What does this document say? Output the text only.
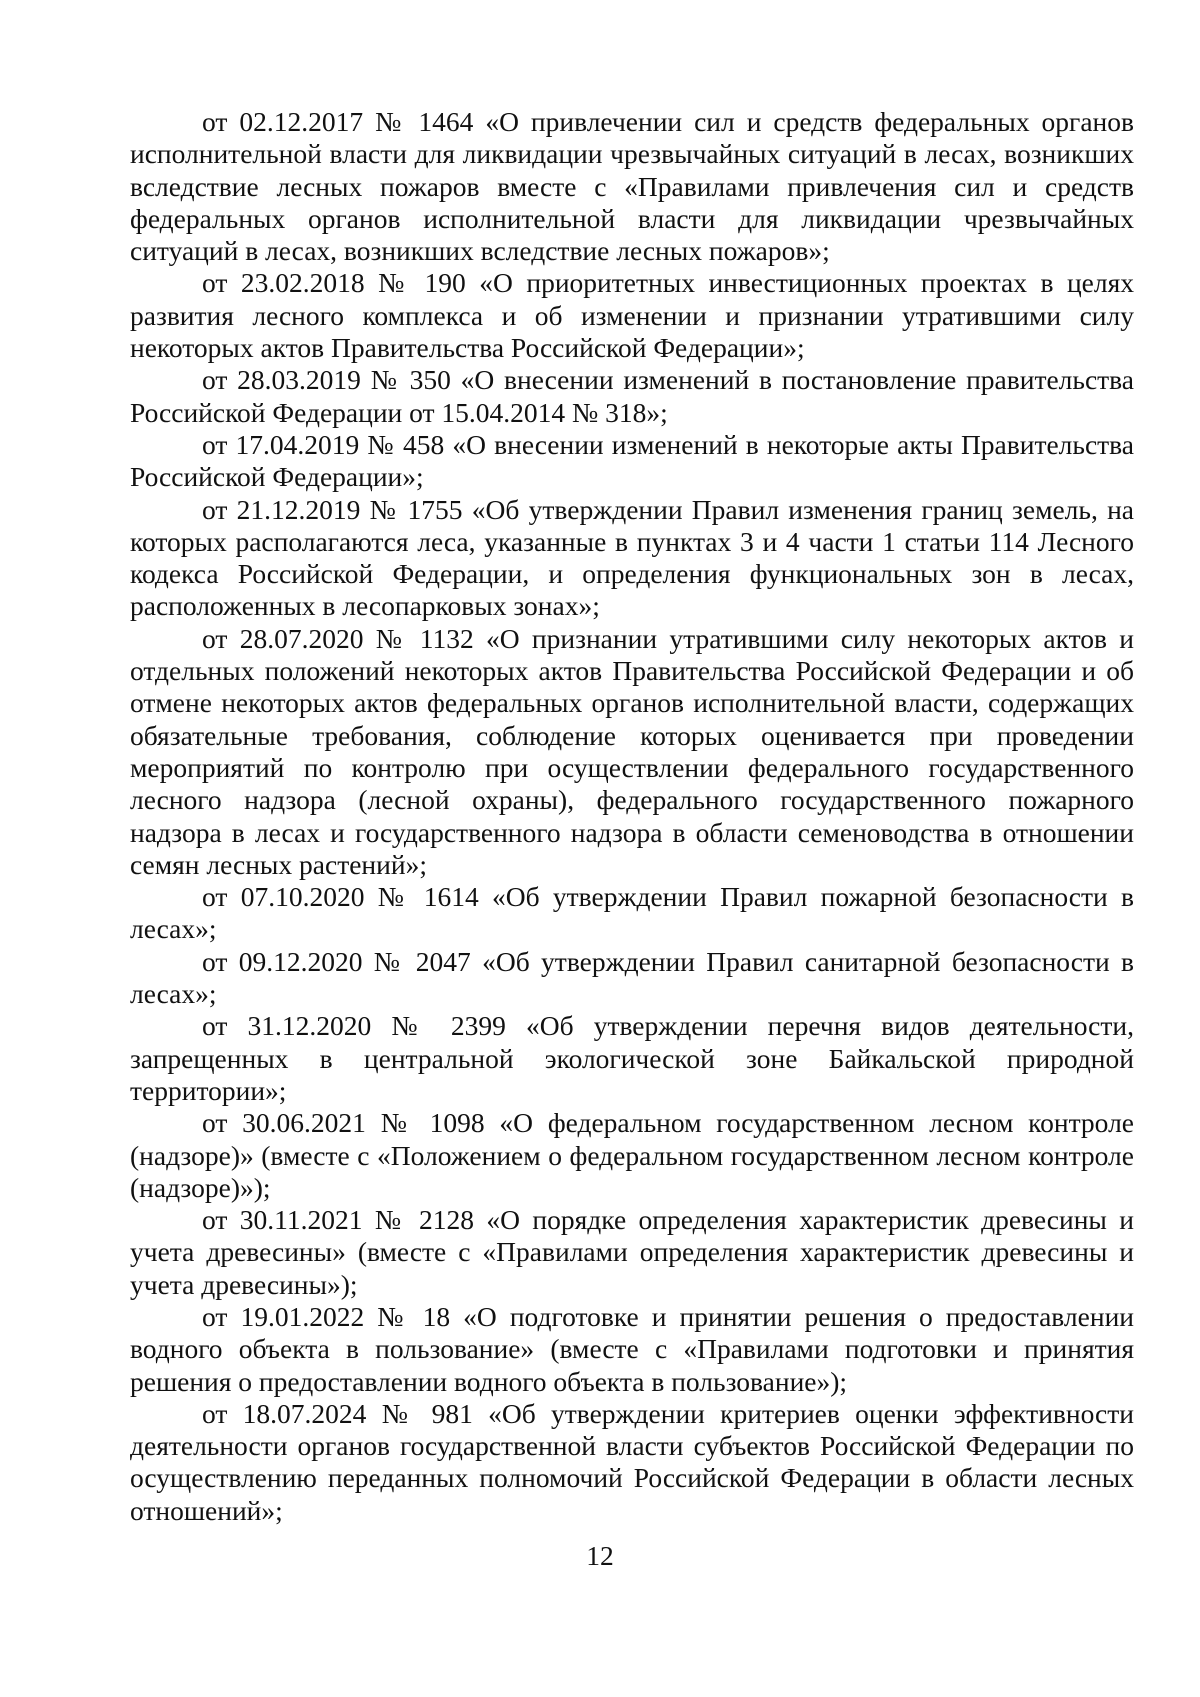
от 02.12.2017 № 1464 «О привлечении сил и средств федеральных органов исполнительной власти для ликвидации чрезвычайных ситуаций в лесах, возникших вследствие лесных пожаров вместе с «Правилами привлечения сил и средств федеральных органов исполнительной власти для ликвидации чрезвычайных ситуаций в лесах, возникших вследствие лесных пожаров»;

от 23.02.2018 № 190 «О приоритетных инвестиционных проектах в целях развития лесного комплекса и об изменении и признании утратившими силу некоторых актов Правительства Российской Федерации»;

от 28.03.2019 № 350 «О внесении изменений в постановление правительства Российской Федерации от 15.04.2014 № 318»;

от 17.04.2019 № 458 «О внесении изменений в некоторые акты Правительства Российской Федерации»;

от 21.12.2019 № 1755 «Об утверждении Правил изменения границ земель, на которых располагаются леса, указанные в пунктах 3 и 4 части 1 статьи 114 Лесного кодекса Российской Федерации, и определения функциональных зон в лесах, расположенных в лесопарковых зонах»;

от 28.07.2020 № 1132 «О признании утратившими силу некоторых актов и отдельных положений некоторых актов Правительства Российской Федерации и об отмене некоторых актов федеральных органов исполнительной власти, содержащих обязательные требования, соблюдение которых оценивается при проведении мероприятий по контролю при осуществлении федерального государственного лесного надзора (лесной охраны), федерального государственного пожарного надзора в лесах и государственного надзора в области семеноводства в отношении семян лесных растений»;

от 07.10.2020 № 1614 «Об утверждении Правил пожарной безопасности в лесах»;

от 09.12.2020 № 2047 «Об утверждении Правил санитарной безопасности в лесах»;

от 31.12.2020 № 2399 «Об утверждении перечня видов деятельности, запрещенных в центральной экологической зоне Байкальской природной территории»;

от 30.06.2021 № 1098 «О федеральном государственном лесном контроле (надзоре)» (вместе с «Положением о федеральном государственном лесном контроле (надзоре)»);

от 30.11.2021 № 2128 «О порядке определения характеристик древесины и учета древесины» (вместе с «Правилами определения характеристик древесины и учета древесины»);

от 19.01.2022 № 18 «О подготовке и принятии решения о предоставлении водного объекта в пользование» (вместе с «Правилами подготовки и принятия решения о предоставлении водного объекта в пользование»);

от 18.07.2024 № 981 «Об утверждении критериев оценки эффективности деятельности органов государственной власти субъектов Российской Федерации по осуществлению переданных полномочий Российской Федерации в области лесных отношений»;

12
